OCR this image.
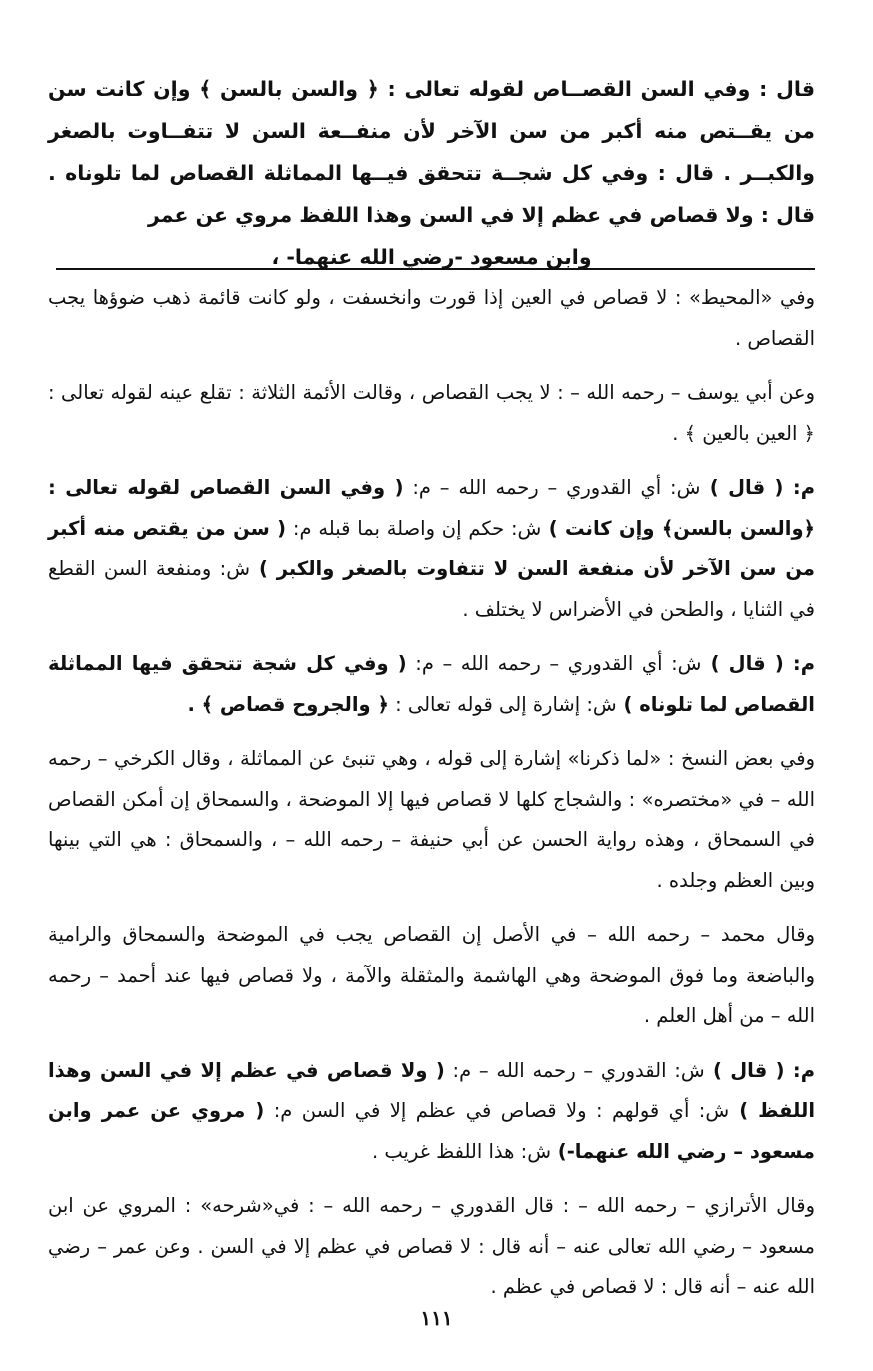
قال : وفي السن القصــاص لقوله تعالى : ﴿ والسن بالسن ﴾ وإن كانت سن من يقــتص منه أكبر من سن الآخر لأن منفــعة السن لا تتفــاوت بالصغر والكبــر . قال : وفي كل شجــة تتحقق فيــها المماثلة القصاص لما تلوناه . قال : ولا قصاص في عظم إلا في السن وهذا اللفظ مروي عن عمر

وابن مسعود -رضي الله عنهما- ،

وفي «المحيط» : لا قصاص في العين إذا قورت وانخسفت ، ولو كانت قائمة ذهب ضوؤها يجب القصاص .

وعن أبي يوسف – رحمه الله – : لا يجب القصاص ، وقالت الأئمة الثلاثة : تقلع عينه لقوله تعالى : ﴿ العين بالعين ﴾ .

م: ( قال ) ش: أي القدوري – رحمه الله – م: ( وفي السن القصاص لقوله تعالى : ﴿والسن بالسن﴾ وإن كانت ) ش: حكم إن واصلة بما قبله م: ( سن من يقتص منه أكبر من سن الآخر لأن منفعة السن لا تتفاوت بالصغر والكبر ) ش: ومنفعة السن القطع في الثنايا ، والطحن في الأضراس لا يختلف .

م: ( قال ) ش: أي القدوري – رحمه الله – م: ( وفي كل شجة تتحقق فيها المماثلة القصاص لما تلوناه ) ش: إشارة إلى قوله تعالى : ﴿ والجروح قصاص ﴾ .

وفي بعض النسخ : «لما ذكرنا» إشارة إلى قوله ، وهي تنبئ عن المماثلة ، وقال الكرخي – رحمه الله – في «مختصره» : والشجاج كلها لا قصاص فيها إلا الموضحة ، والسمحاق إن أمكن القصاص في السمحاق ، وهذه رواية الحسن عن أبي حنيفة – رحمه الله – ، والسمحاق : هي التي بينها وبين العظم وجلده .

وقال محمد – رحمه الله – في الأصل إن القصاص يجب في الموضحة والسمحاق والرامية والباضعة وما فوق الموضحة وهي الهاشمة والمثقلة والآمة ، ولا قصاص فيها عند أحمد – رحمه الله – من أهل العلم .

م: ( قال ) ش: القدوري – رحمه الله – م: ( ولا قصاص في عظم إلا في السن وهذا اللفظ ) ش: أي قولهم : ولا قصاص في عظم إلا في السن م: ( مروي عن عمر وابن مسعود – رضي الله عنهما-) ش: هذا اللفظ غريب .

وقال الأترازي – رحمه الله – : قال القدوري – رحمه الله – : في«شرحه» : المروي عن ابن مسعود – رضي الله تعالى عنه – أنه قال : لا قصاص في عظم إلا في السن . وعن عمر – رضي الله عنه – أنه قال : لا قصاص في عظم .

١١١
